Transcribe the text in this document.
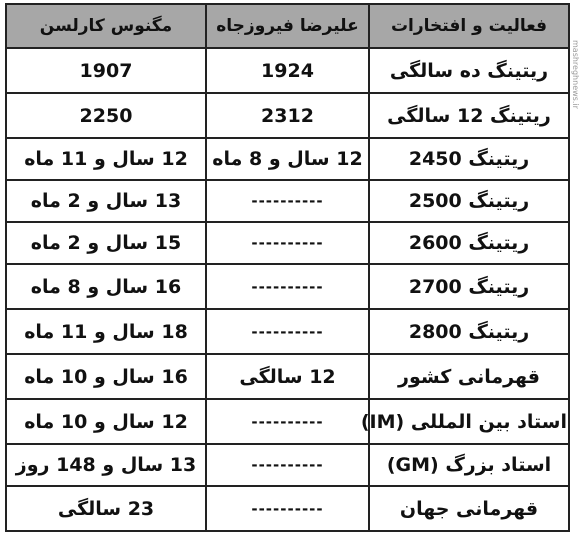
فعالیت و افتخارات	علیرضا فیروزجاه	مگنوس کارلسن
ریتینگ ده سالگی	1924	1907
ریتینگ 12 سالگی	2312	2250
ریتینگ 2450	12 سال و 8 ماه	12 سال و 11 ماه
ریتینگ 2500	----------	13 سال و 2 ماه
ریتینگ 2600	----------	15 سال و 2 ماه
ریتینگ 2700	----------	16 سال و 8 ماه
ریتینگ 2800	----------	18 سال و 11 ماه
قهرمانی کشور	12 سالگی	16 سال و 10 ماه
استاد بین المللی (IM)	----------	12 سال و 10 ماه
استاد بزرگ (GM)	----------	13 سال و 148 روز
قهرمانی جهان	----------	23 سالگی
mashreghnews.ir
